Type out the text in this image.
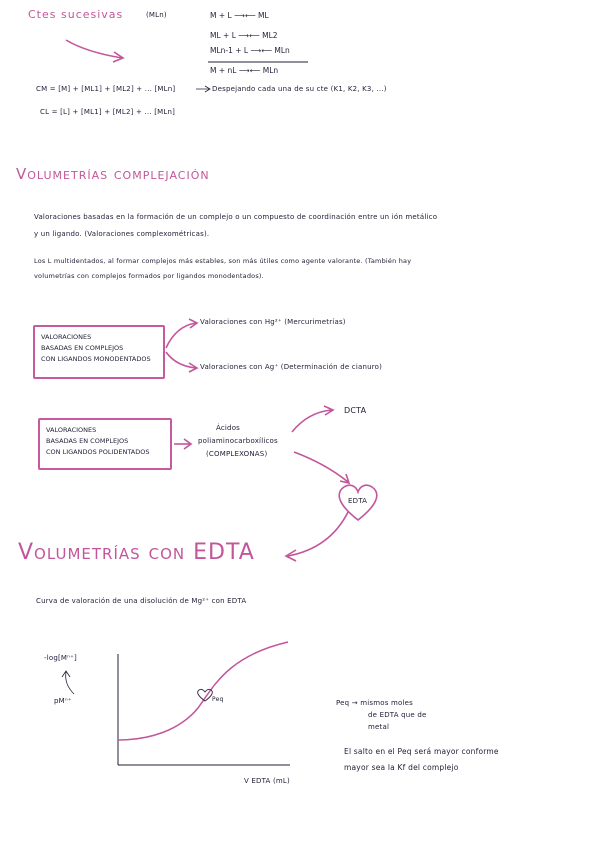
Ctes sucesivas	(MLn)	M + L ⟶⟵ ML
ML + L ⟶⟵ ML2
MLn-1 + L ⟶⟵ MLn
M + nL ⟶⟵ MLn
CM = [M] + [ML1] + [ML2] + ... [MLn]	Despejando cada una de su cte (K1, K2, K3, ...)
CL = [L] + [ML1] + [ML2] + ... [MLn]
Volumetrías complejación
Valoraciones basadas en la formación de un complejo o un compuesto de coordinación entre un ión metálico
y un ligando. (Valoraciones complexométricas).
Los L multidentados, al formar complejos más estables, son más útiles como agente valorante. (También hay
volumetrías con complejos formados por ligandos monodentados).
VALORACIONES
BASADAS EN COMPLEJOS
CON LIGANDOS MONODENTADOS
Valoraciones con Hg²⁺ (Mercurimetrías)
Valoraciones con Ag⁺ (Determinación de cianuro)
VALORACIONES
BASADAS EN COMPLEJOS
CON LIGANDOS POLIDENTADOS
Ácidos
poliaminocarboxílicos
(COMPLEXONAS)
DCTA
EDTA
Volumetrías con EDTA
Curva de valoración de una disolución de Mg²⁺ con EDTA
-log[Mⁿ⁺]
pMⁿ⁺
V EDTA (mL)
Peq	Peq → mismos moles
de EDTA que de
metal
El salto en el Peq será mayor conforme
mayor sea la Kf del complejo
